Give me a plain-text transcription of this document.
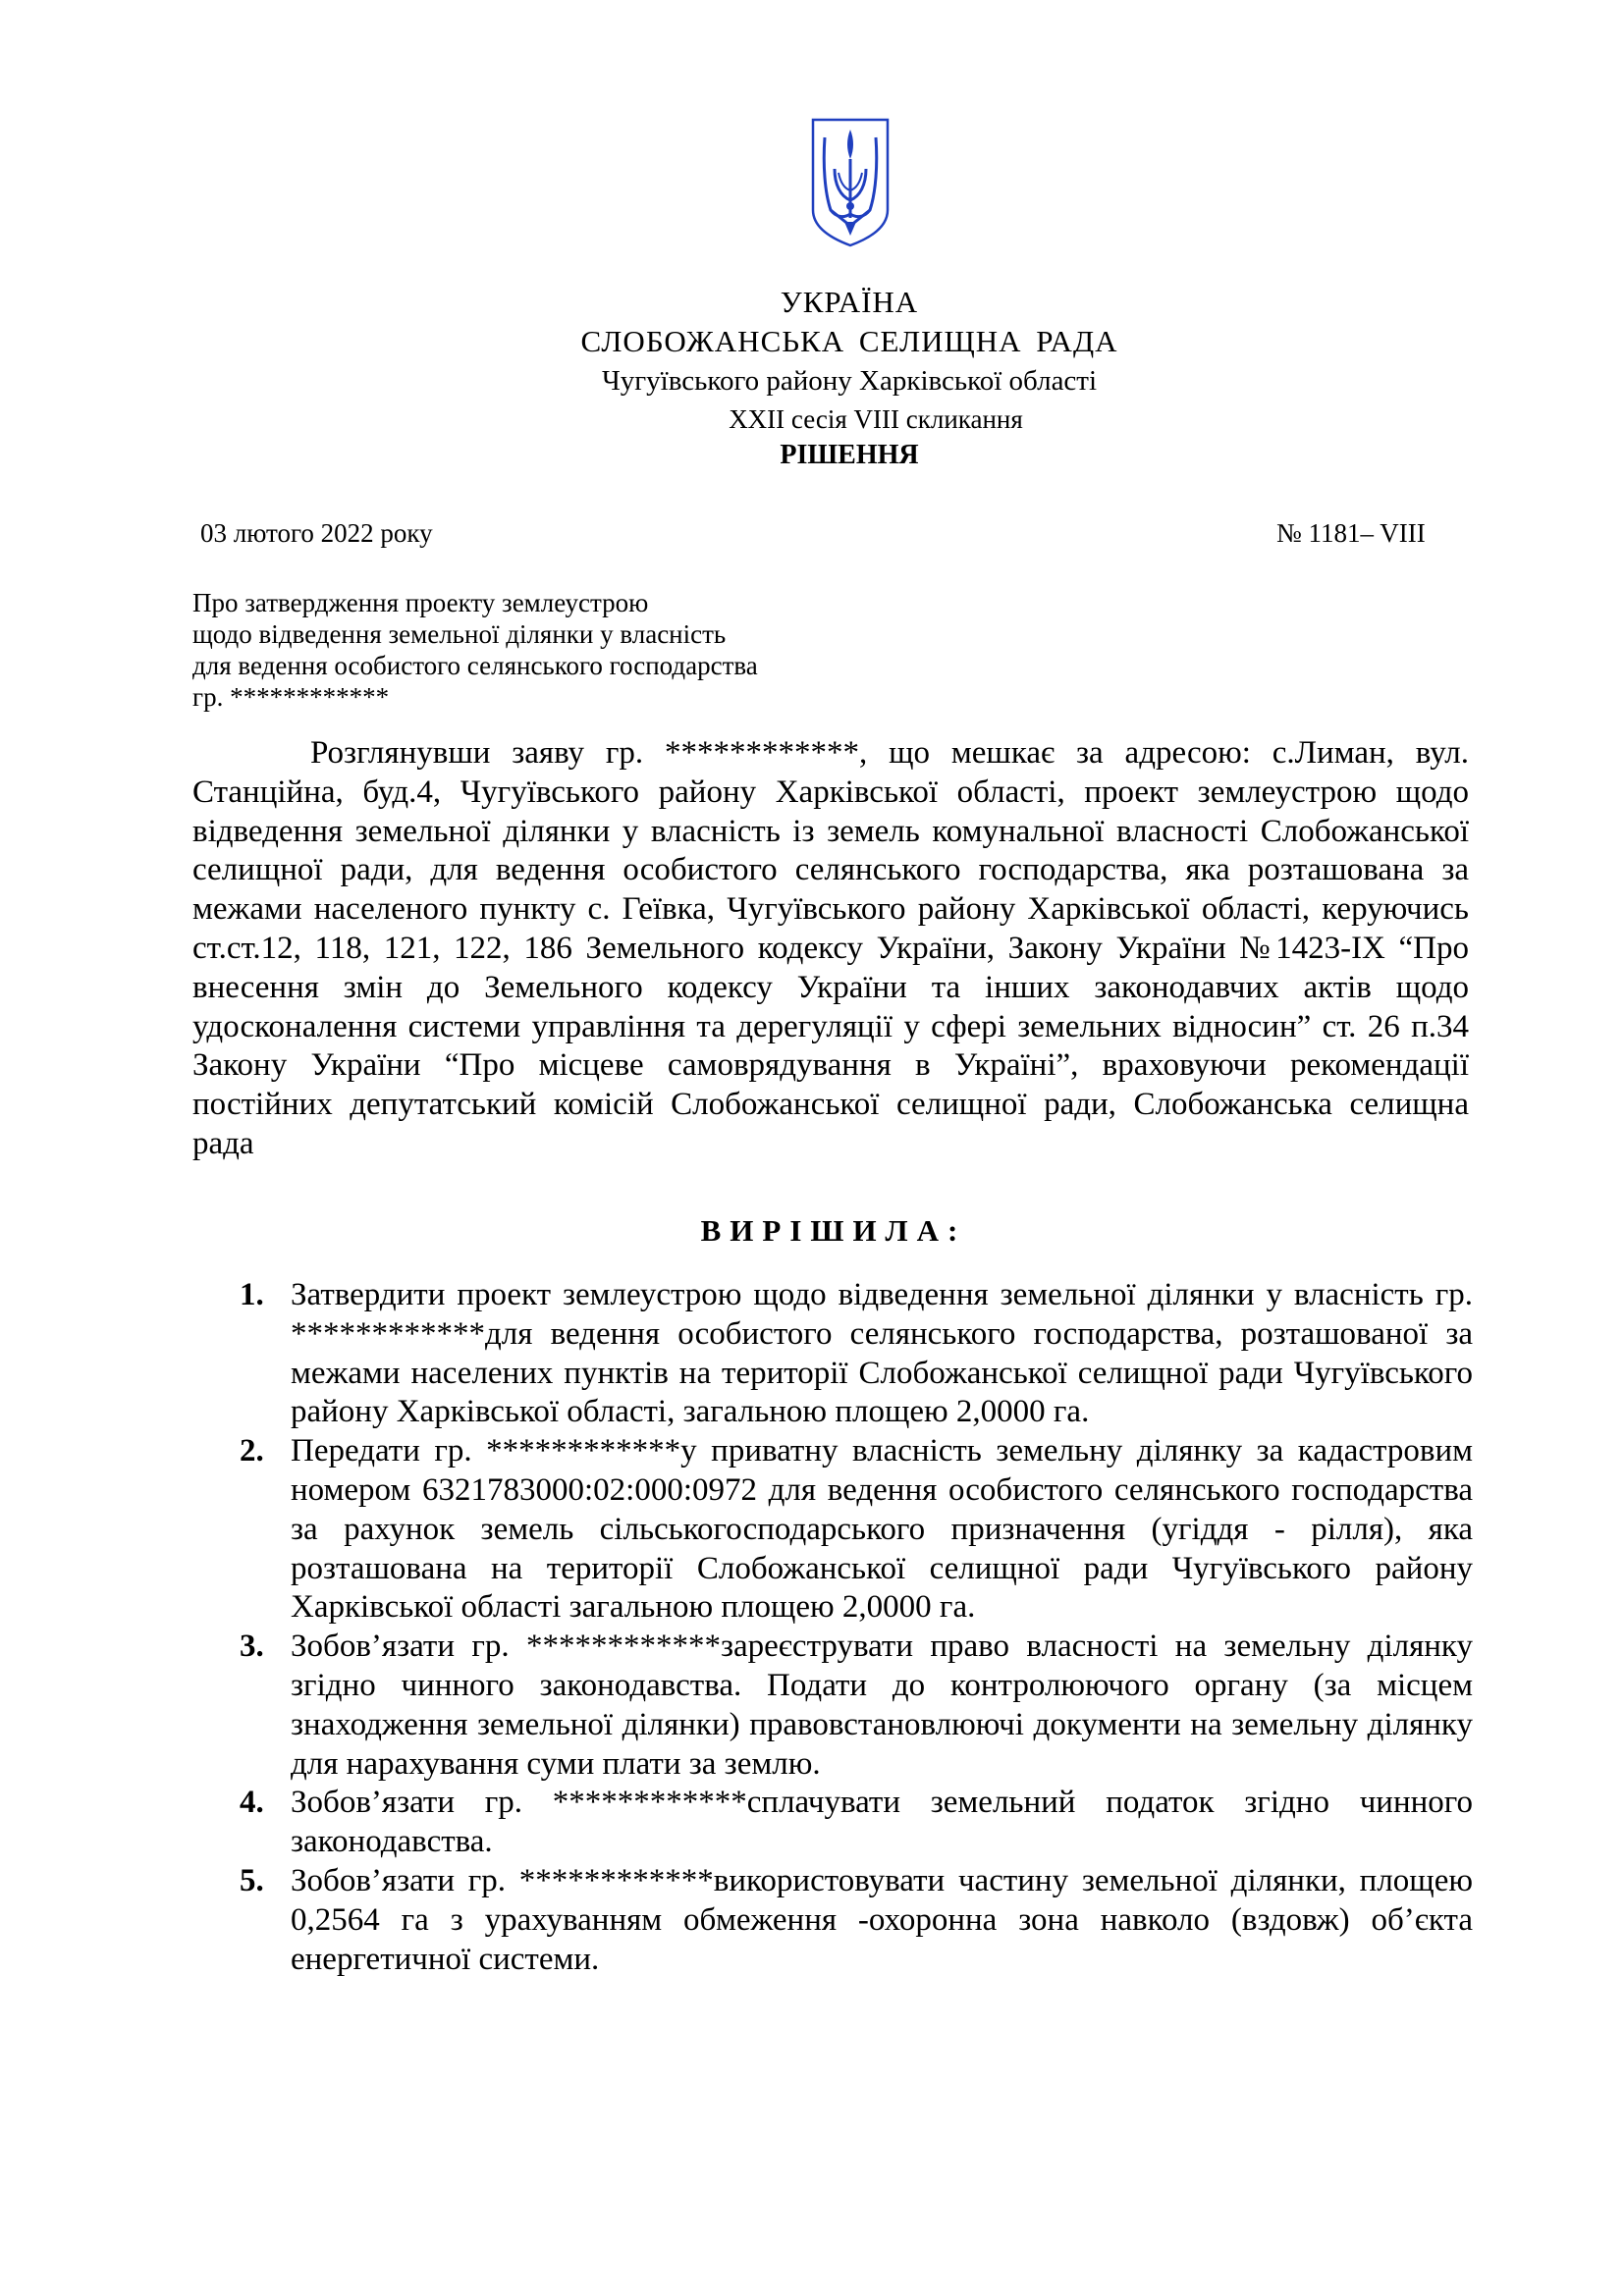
УКРАЇНА
СЛОБОЖАНСЬКА СЕЛИЩНА РАДА
Чугуївського району Харківської області
XXII сесія VIII скликання
РІШЕННЯ
03 лютого 2022 року	№ 1181– VIII
Про затвердження проекту землеустрою
щодо відведення земельної ділянки у власність
для ведення особистого селянського господарства
гр. ************

Розглянувши заяву гр. ************, що мешкає за адресою: с.Лиман, вул. Станційна, буд.4, Чугуївського району Харківської області, проект землеустрою щодо відведення земельної ділянки у власність із земель комунальної власності Слобожанської селищної ради, для ведення особистого селянського господарства, яка розташована за межами населеного пункту с. Геївка, Чугуївського району Харківської області, керуючись ст.ст.12, 118, 121, 122, 186 Земельного кодексу України, Закону України №1423-IX “Про внесення змін до Земельного кодексу України та інших законодавчих актів щодо удосконалення системи управління та дерегуляції у сфері земельних відносин” ст. 26 п.34 Закону України “Про місцеве самоврядування в Україні”, враховуючи рекомендації постійних депутатський комісій Слобожанської селищної ради, Слобожанська селищна рада

ВИРІШИЛА:
1. Затвердити проект землеустрою щодо відведення земельної ділянки у власність гр. ************для ведення особистого селянського господарства, розташованої за межами населених пунктів на території Слобожанської селищної ради Чугуївського району Харківської області, загальною площею 2,0000 га.
2. Передати гр. ************у приватну власність земельну ділянку за кадастровим номером 6321783000:02:000:0972 для ведення особистого селянського господарства за рахунок земель сільськогосподарського призначення (угіддя - рілля), яка розташована на території Слобожанської селищної ради Чугуївського району Харківської області загальною площею 2,0000 га.
3. Зобов’язати гр. ************зареєструвати право власності на земельну ділянку згідно чинного законодавства. Подати до контролюючого органу (за місцем знаходження земельної ділянки) правовстановлюючі документи на земельну ділянку для нарахування суми плати за землю.
4. Зобов’язати гр. ************сплачувати земельний податок згідно чинного законодавства.
5. Зобов’язати гр. ************використовувати частину земельної ділянки, площею 0,2564 га з урахуванням обмеження -охоронна зона навколо (вздовж) об’єкта енергетичної системи.
